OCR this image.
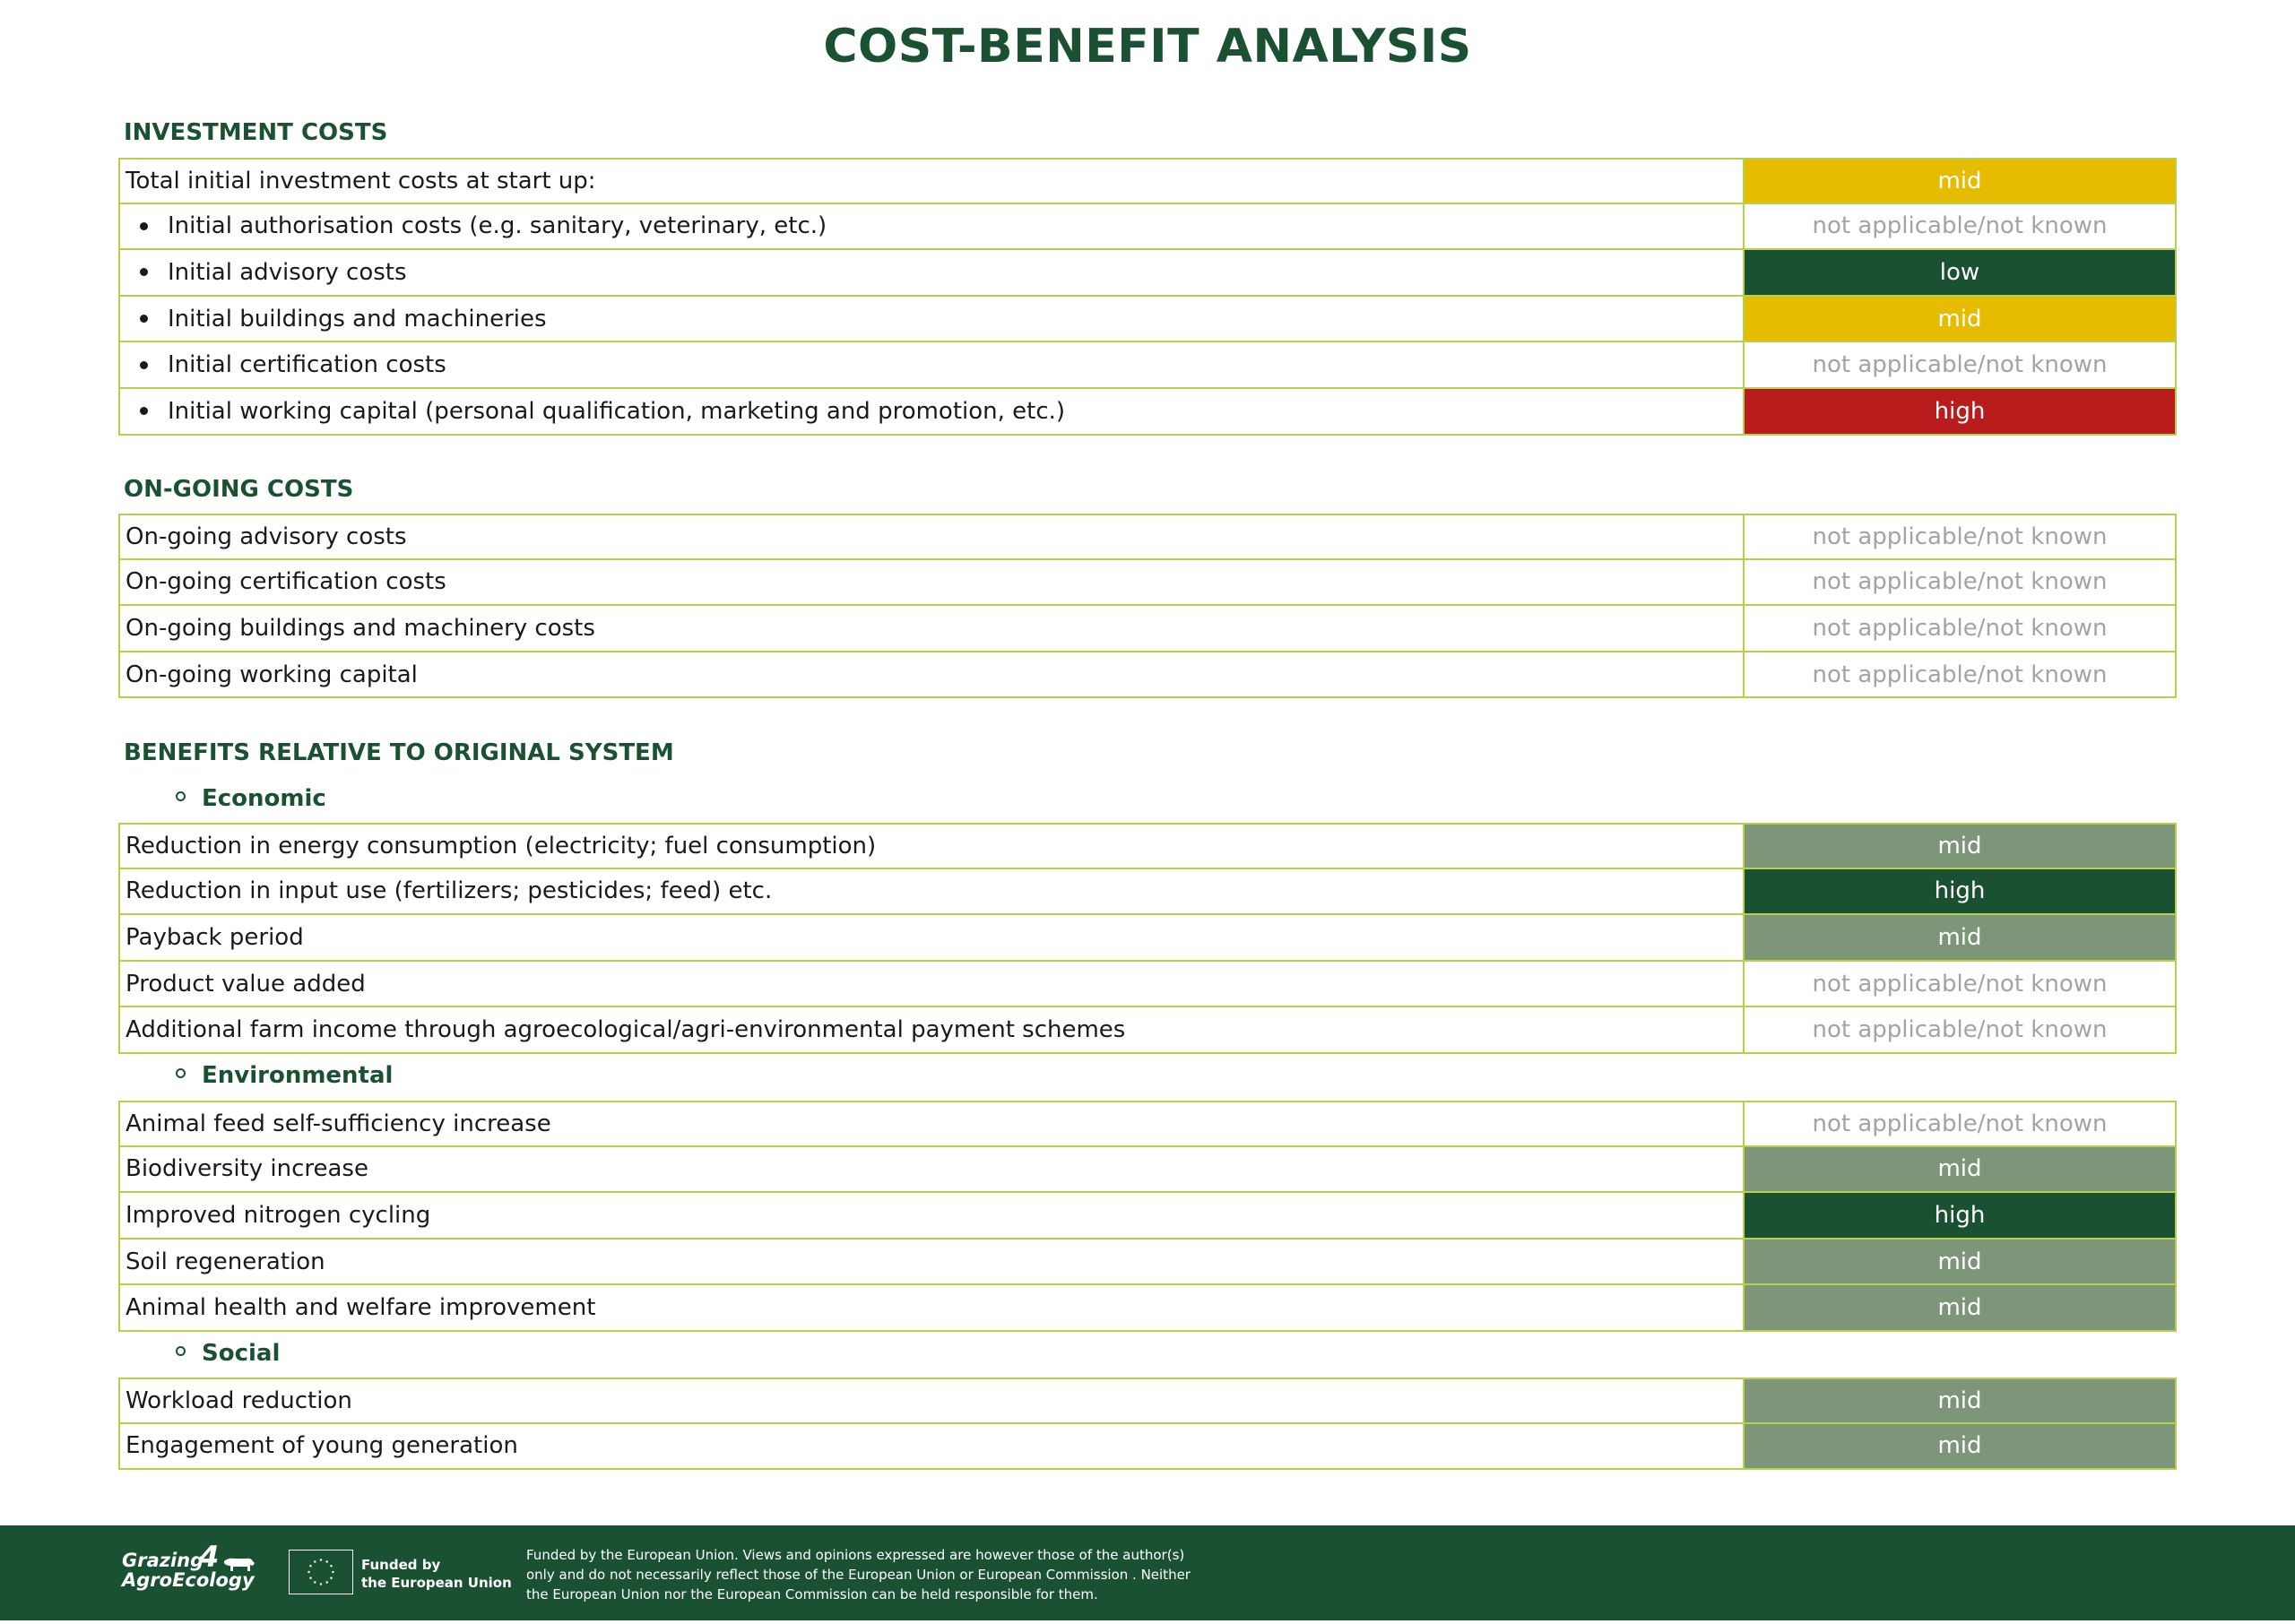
COST-BENEFIT ANALYSIS
INVESTMENT COSTS
Total initial investment costs at start up:	mid
Initial authorisation costs (e.g. sanitary, veterinary, etc.)	not applicable/not known
Initial advisory costs	low
Initial buildings and machineries	mid
Initial certification costs	not applicable/not known
Initial working capital (personal qualification, marketing and promotion, etc.)	high
ON-GOING COSTS
On-going advisory costs	not applicable/not known
On-going certification costs	not applicable/not known
On-going buildings and machinery costs	not applicable/not known
On-going working capital	not applicable/not known
BENEFITS RELATIVE TO ORIGINAL SYSTEM
Economic
Reduction in energy consumption (electricity; fuel consumption)	mid
Reduction in input use (fertilizers; pesticides; feed) etc.	high
Payback period	mid
Product value added	not applicable/not known
Additional farm income through agroecological/agri-environmental payment schemes	not applicable/not known
Environmental
Animal feed self-sufficiency increase	not applicable/not known
Biodiversity increase	mid
Improved nitrogen cycling	high
Soil regeneration	mid
Animal health and welfare improvement	mid
Social
Workload reduction	mid
Engagement of young generation	mid
Grazing
4
AgroEcology
Funded by
the European Union
Funded by the European Union. Views and opinions expressed are however those of the author(s)
only and do not necessarily reflect those of the European Union or European Commission . Neither
the European Union nor the European Commission can be held responsible for them.
